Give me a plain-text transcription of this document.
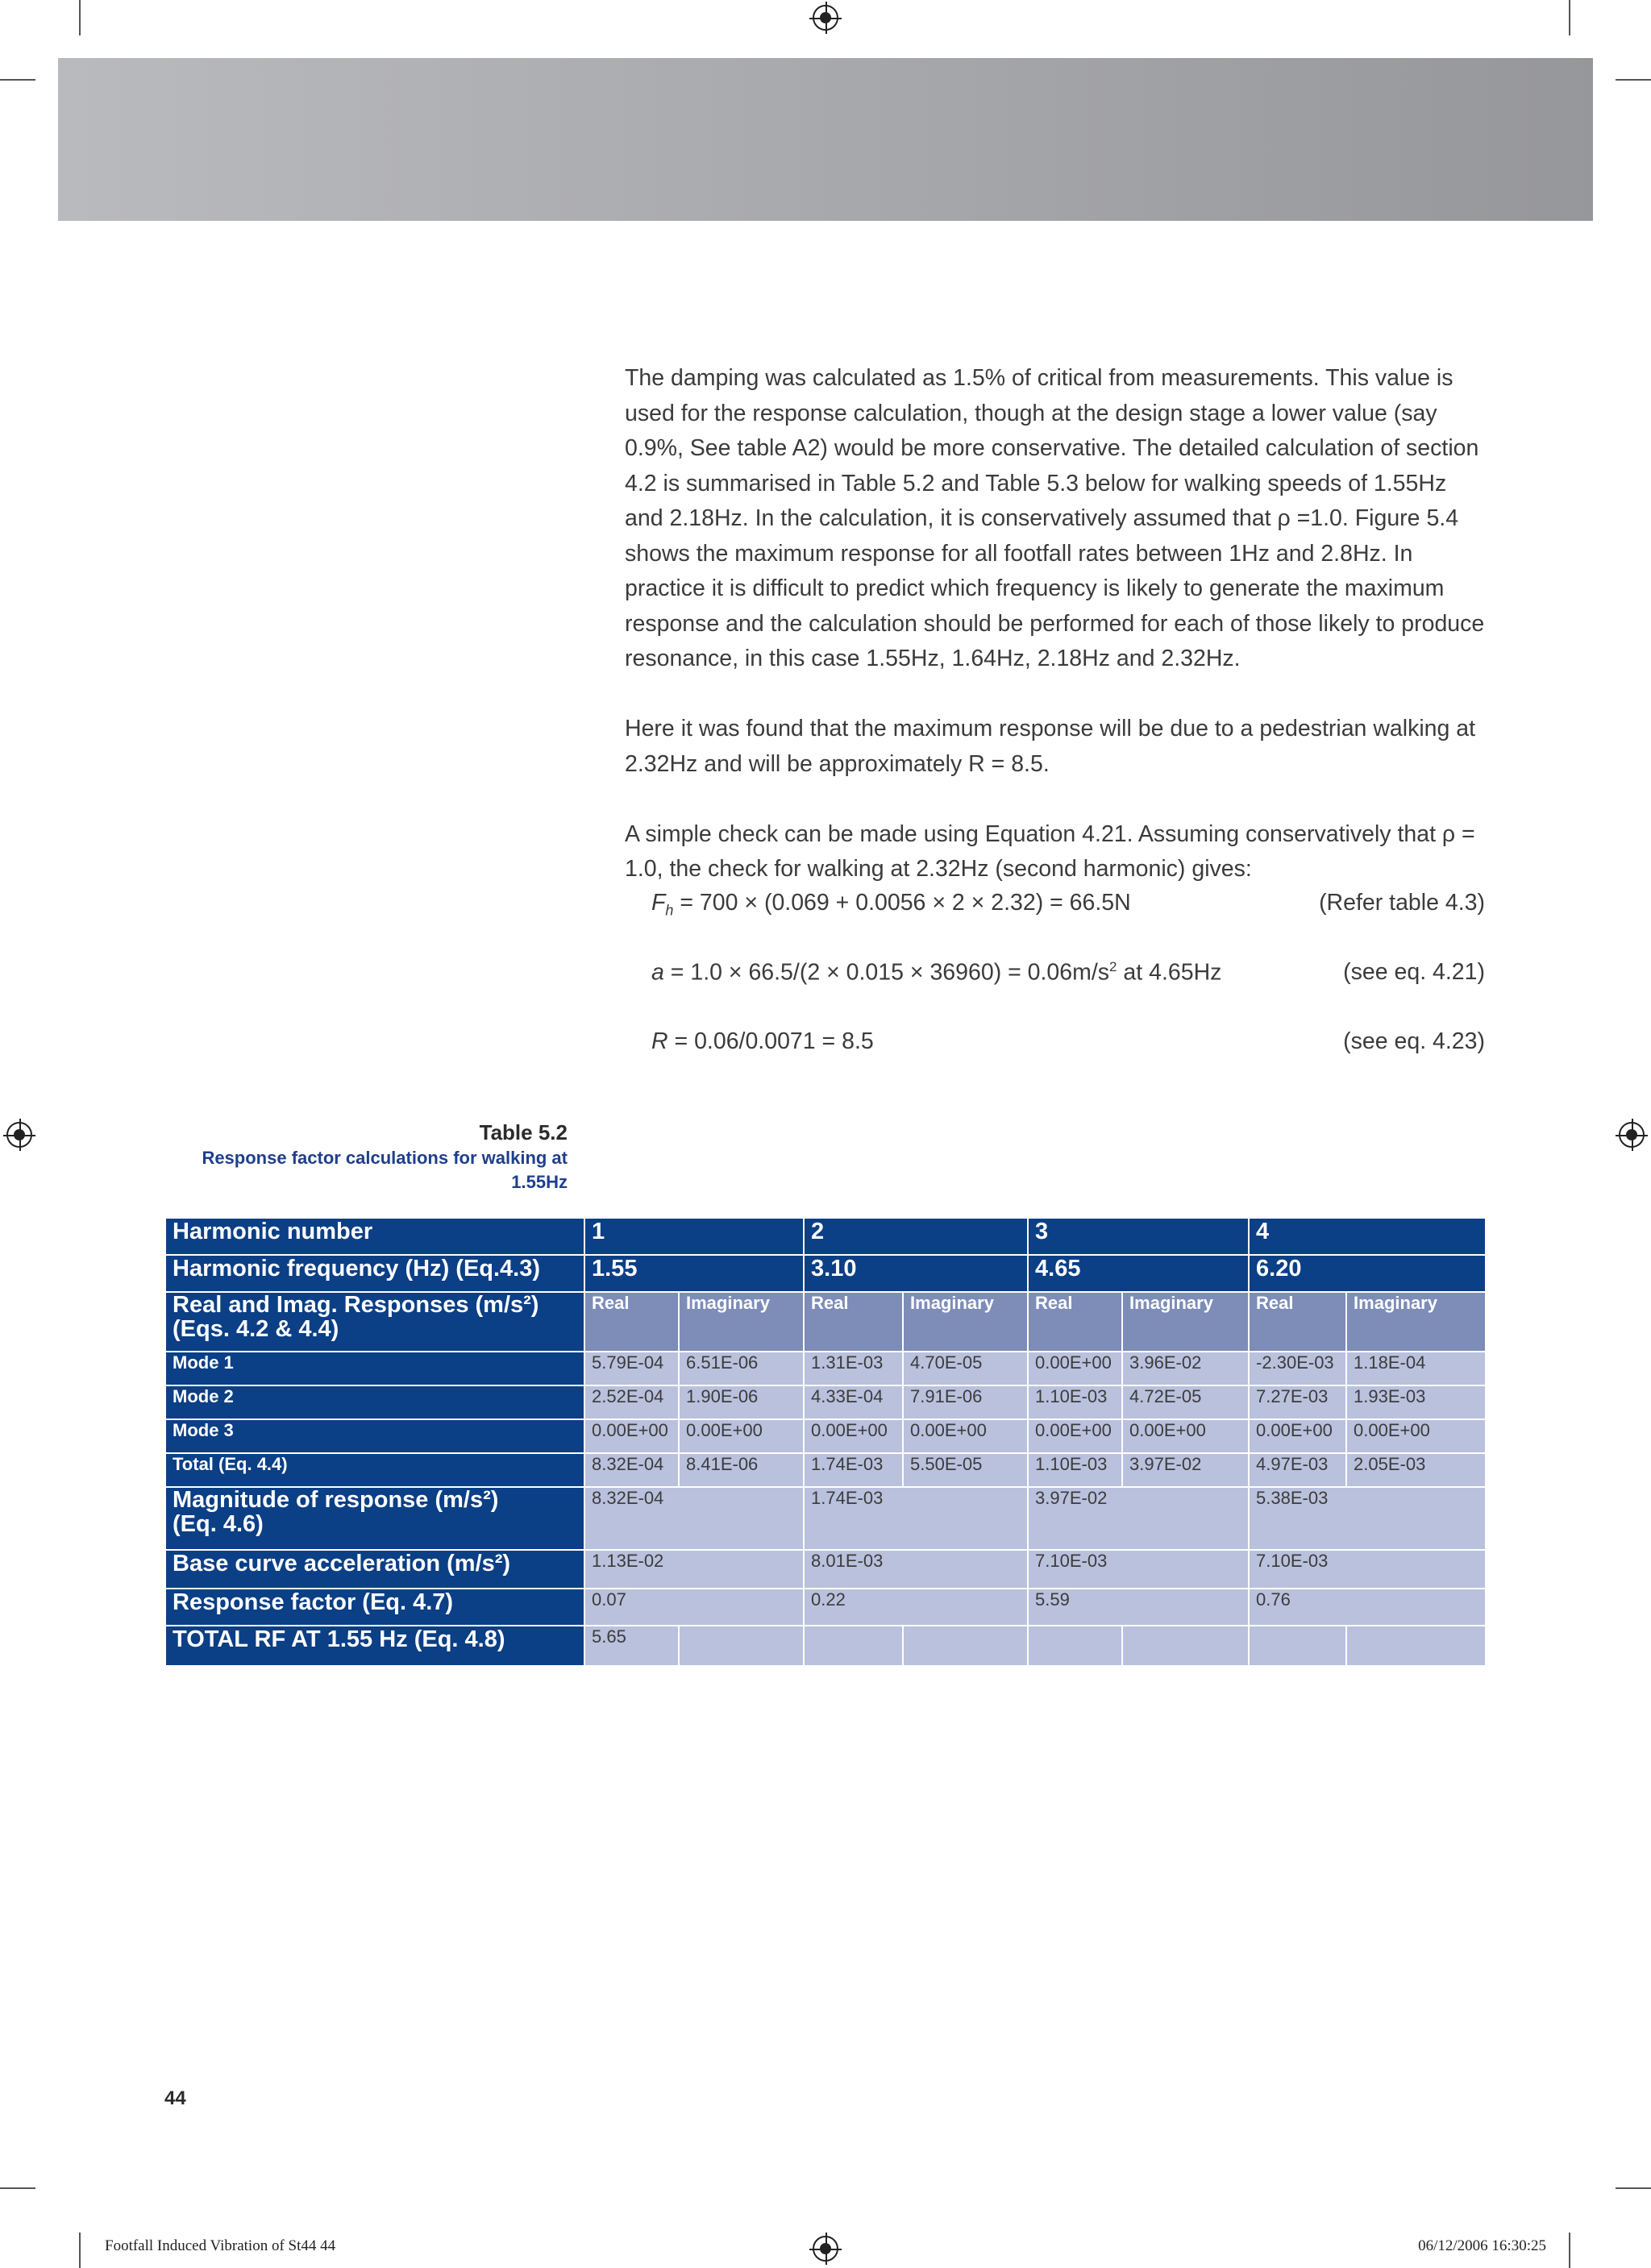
The damping was calculated as 1.5% of critical from measurements. This value is used for the response calculation, though at the design stage a lower value (say 0.9%, See table A2) would be more conservative. The detailed calculation of section 4.2 is summarised in Table 5.2 and Table 5.3 below for walking speeds of 1.55Hz and 2.18Hz. In the calculation, it is conservatively assumed that ρ =1.0. Figure 5.4 shows the maximum response for all footfall rates between 1Hz and 2.8Hz. In practice it is difficult to predict which frequency is likely to generate the maximum response and the calculation should be performed for each of those likely to produce resonance, in this case 1.55Hz, 1.64Hz, 2.18Hz and 2.32Hz.

Here it was found that the maximum response will be due to a pedestrian walking at 2.32Hz and will be approximately R = 8.5.

A simple check can be made using Equation 4.21. Assuming conservatively that ρ = 1.0, the check for walking at 2.32Hz (second harmonic) gives:

$F_h = 700 \times (0.069 + 0.0056 \times 2 \times 2.32) = 66.5N$	(Refer table 4.3)
$a = 1.0 \times 66.5/(2 \times 0.015 \times 36960) = 0.06m/s^2$ at 4.65Hz	(see eq. 4.21)
R = 0.06/0.0071 = 8.5	(see eq. 4.23)
Table 5.2
Response factor calculations for walking at 1.55Hz
Harmonic number	1		2		3		4	
Harmonic frequency (Hz) (Eq.4.3)	1.55		3.10		4.65		6.20	

Real and Imag. Responses (m/s²)
(Eqs. 4.2 & 4.4)	Real	Imaginary	Real	Imaginary	Real	Imaginary	Real	Imaginary
Mode 1	5.79E-04	6.51E-06	1.31E-03	4.70E-05	0.00E+00	3.96E-02	-2.30E-03	1.18E-04
Mode 2	2.52E-04	1.90E-06	4.33E-04	7.91E-06	1.10E-03	4.72E-05	7.27E-03	1.93E-03
Mode 3	0.00E+00	0.00E+00	0.00E+00	0.00E+00	0.00E+00	0.00E+00	0.00E+00	0.00E+00
Total (Eq. 4.4)	8.32E-04	8.41E-06	1.74E-03	5.50E-05	1.10E-03	3.97E-02	4.97E-03	2.05E-03

Magnitude of response (m/s²)
(Eq. 4.6)	8.32E-04		1.74E-03		3.97E-02		5.38E-03	
Base curve acceleration (m/s²)	1.13E-02		8.01E-03		7.10E-03		7.10E-03	
Response factor (Eq. 4.7)	0.07		0.22		5.59		0.76	
TOTAL RF AT 1.55 Hz (Eq. 4.8)	5.65							
44
Footfall Induced Vibration of St44 44	06/12/2006 16:30:25
